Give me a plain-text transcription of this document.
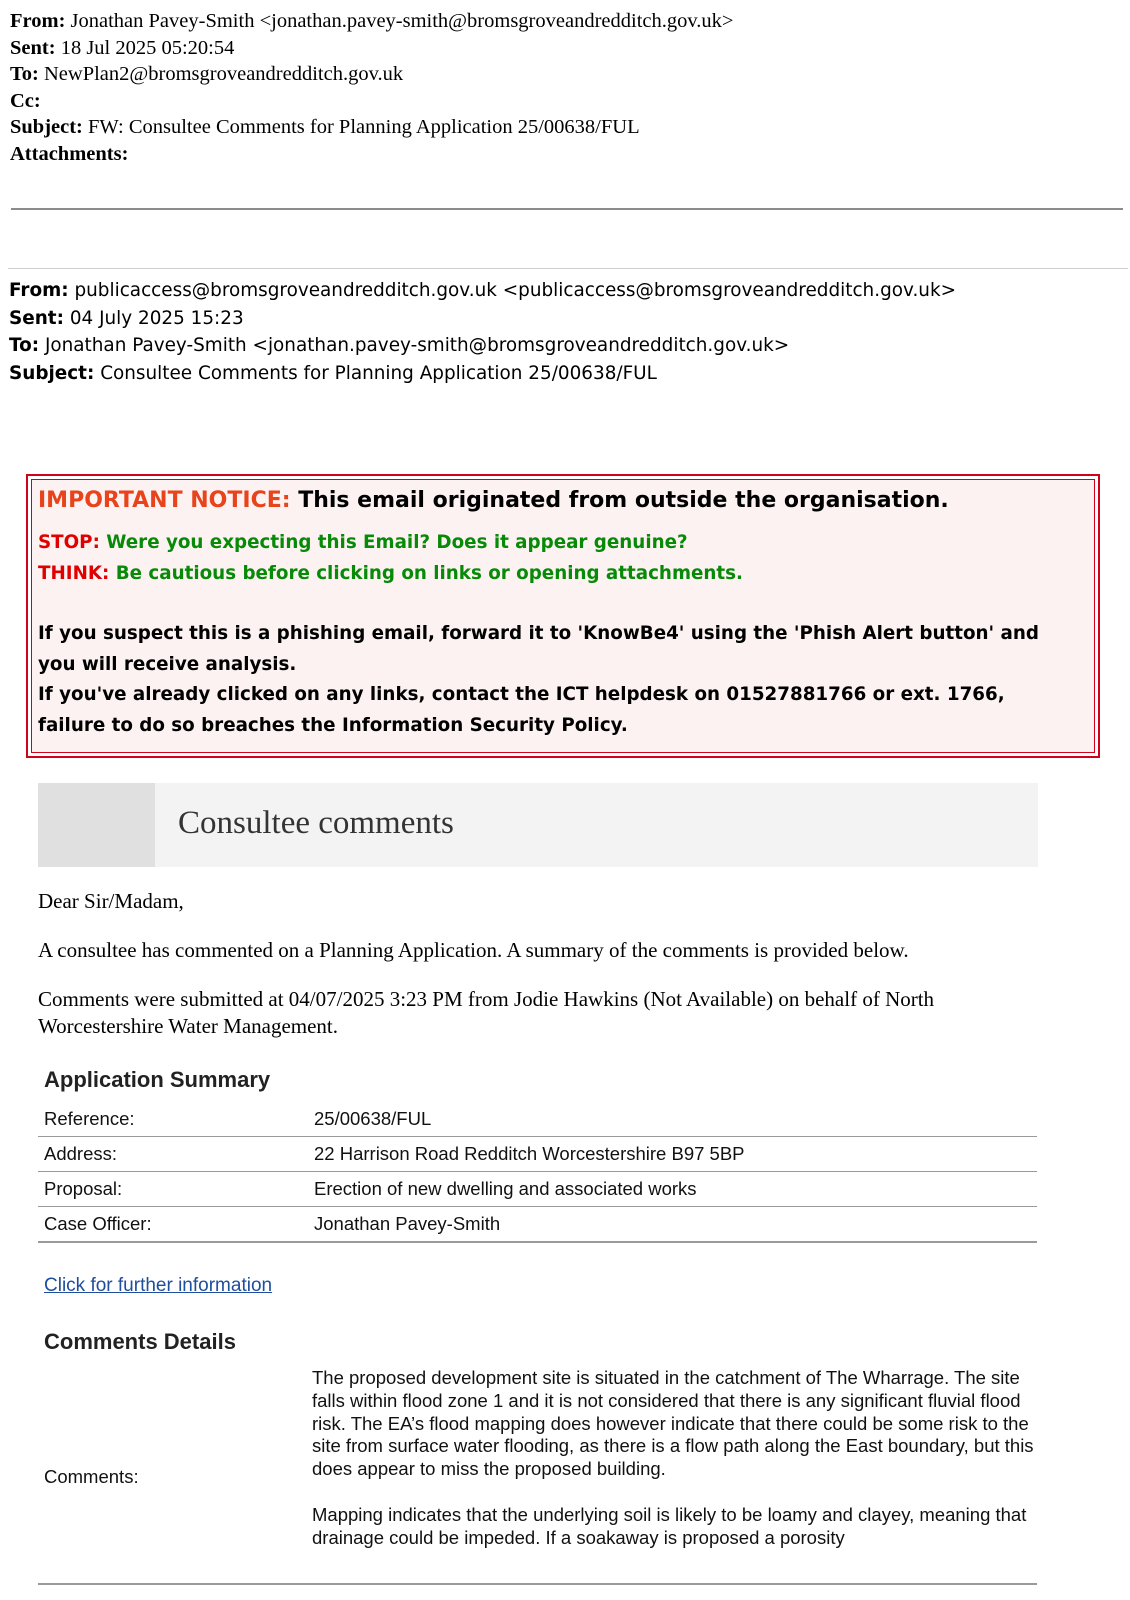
From: Jonathan Pavey-Smith <jonathan.pavey-smith@bromsgroveandredditch.gov.uk>
Sent: 18 Jul 2025 05:20:54
To: NewPlan2@bromsgroveandredditch.gov.uk
Cc:
Subject: FW: Consultee Comments for Planning Application 25/00638/FUL
Attachments:
From: publicaccess@bromsgroveandredditch.gov.uk <publicaccess@bromsgroveandredditch.gov.uk>
Sent: 04 July 2025 15:23
To: Jonathan Pavey-Smith <jonathan.pavey-smith@bromsgroveandredditch.gov.uk>
Subject: Consultee Comments for Planning Application 25/00638/FUL
IMPORTANT NOTICE: This email originated from outside the organisation.
STOP: Were you expecting this Email? Does it appear genuine?
THINK: Be cautious before clicking on links or opening attachments.
If you suspect this is a phishing email, forward it to 'KnowBe4' using the 'Phish Alert button' and you will receive analysis.
If you've already clicked on any links, contact the ICT helpdesk on 01527881766 or ext. 1766, failure to do so breaches the Information Security Policy.
Consultee comments
Dear Sir/Madam,
A consultee has commented on a Planning Application. A summary of the comments is provided below.
Comments were submitted at 04/07/2025 3:23 PM from Jodie Hawkins (Not Available) on behalf of North Worcestershire Water Management.
Application Summary
Reference:	25/00638/FUL
Address:	22 Harrison Road Redditch Worcestershire B97 5BP
Proposal:	Erection of new dwelling and associated works
Case Officer:	Jonathan Pavey-Smith
Click for further information
Comments Details
Comments:

The proposed development site is situated in the catchment of The Wharrage. The site falls within flood zone 1 and it is not considered that there is any significant fluvial flood risk. The EA’s flood mapping does however indicate that there could be some risk to the site from surface water flooding, as there is a flow path along the East boundary, but this does appear to miss the proposed building.

Mapping indicates that the underlying soil is likely to be loamy and clayey, meaning that drainage could be impeded. If a soakaway is proposed a porosity
